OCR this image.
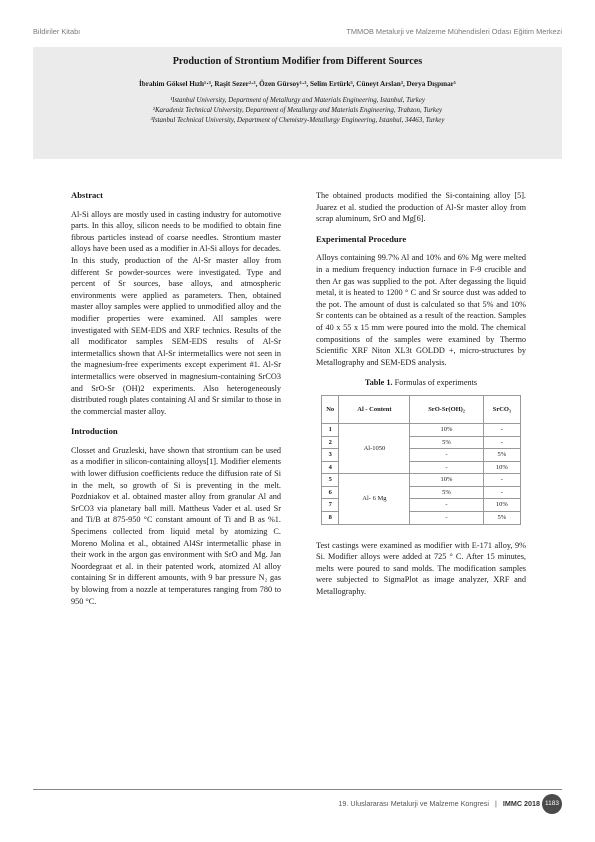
Bildiriler Kitabı	TMMOB Metalurji ve Malzeme Mühendisleri Odası Eğitim Merkezi
Production of Strontium Modifier from Different Sources
İbrahim Göksel Hızlı¹·³, Raşit Sezer²·³, Özen Gürsoy¹·³, Selim Ertürk³, Cüneyt Arslan³, Derya Dışpınar¹
¹Istanbul University, Department of Metallurgy and Materials Engineering, Istanbul, Turkey
²Karadeniz Technical University, Department of Metallurgy and Materials Engineering, Trabzon, Turkey
³Istanbul Technical University, Department of Chemistry-Metallurgy Engineering, Istanbul, 34463, Turkey
Abstract

Al-Si alloys are mostly used in casting industry for automotive parts. In this alloy, silicon needs to be modified to obtain fine fibrous particles instead of coarse needles. Strontium master alloys have been used as a modifier in Al-Si alloys for decades. In this study, production of the Al-Sr master alloy from different Sr powder-sources were investigated. Type and percent of Sr sources, base alloys, and atmospheric environments were applied as parameters. Then, obtained master alloy samples were applied to unmodified alloy and the modifier properties were examined. All samples were investigated with SEM-EDS and XRF technics. Results of the all modificator samples SEM-EDS results of Al-Sr intermetallics shown that Al-Sr intermetallics were not seen in the magnesium-free experiments except experiment #1. Al-Sr intermetallics were observed in magnesium-containing SrCO3 and SrO-Sr (OH)2 experiments. Also heterogeneously distributed rough plates containing Al and Sr similar to those in the commercial master alloy.

Introduction

Closset and Gruzleski, have shown that strontium can be used as a modifier in silicon-containing alloys[1]. Modifier elements with lower diffusion coefficients reduce the diffusion rate of Si in the melt, so growth of Si is preventing in the melt. Pozdniakov et al. obtained master alloy from granular Al and SrCO3 via planetary ball mill. Mattheus Vader et al. used Sr and Ti/B at 875-950 °C constant amount of Ti and B as %1. Specimens collected from liquid metal by atomizing C. Moreno Molina et al., obtained Al4Sr intermetallic phase in their work in the argon gas environment with SrO and Mg. Jan Noordegraat et al. in their patented work, atomized Al alloy containing Sr in different amounts, with 9 bar pressure N₂ gas by blowing from a nozzle at temperatures ranging from 780 to 950 °C.

The obtained products modified the Si-containing alloy [5]. Juarez et al. studied the production of Al-Sr master alloy from scrap aluminum, SrO and Mg[6].

Experimental Procedure

Alloys containing 99.7% Al and 10% and 6% Mg were melted in a medium frequency induction furnace in F-9 crucible and then Ar gas was supplied to the pot. After degassing the liquid metal, it is heated to 1200 ° C and Sr source dust was added to the pot. The amount of dust is calculated so that 5% and 10% Sr contents can be obtained as a result of the reaction. Samples of 40 x 55 x 15 mm were poured into the mold. The chemical compositions of the samples were examined by Thermo Scientific XRF Niton XL3t GOLDD +, micro-structures by Metallography and SEM-EDS analysis.

Table 1. Formulas of experiments
No	Al - Content	SrO-Sr(OH)₂	SrCO₃
1	Al-1050	10%	-
2		5%	-
3		-	5%
4		-	10%
5	Al- 6 Mg	10%	-
6		5%	-
7		-	10%
8		-	5%

Test castings were examined as modifier with E-171 alloy, 9% Si. Modifier alloys were added at 725 ° C. After 15 minutes, melts were poured to sand molds. The modification samples were subjected to SigmaPlot as image analyzer, XRF and Metallography.

19. Uluslararası Metalurji ve Malzeme Kongresi | IMMC 2018 1183
